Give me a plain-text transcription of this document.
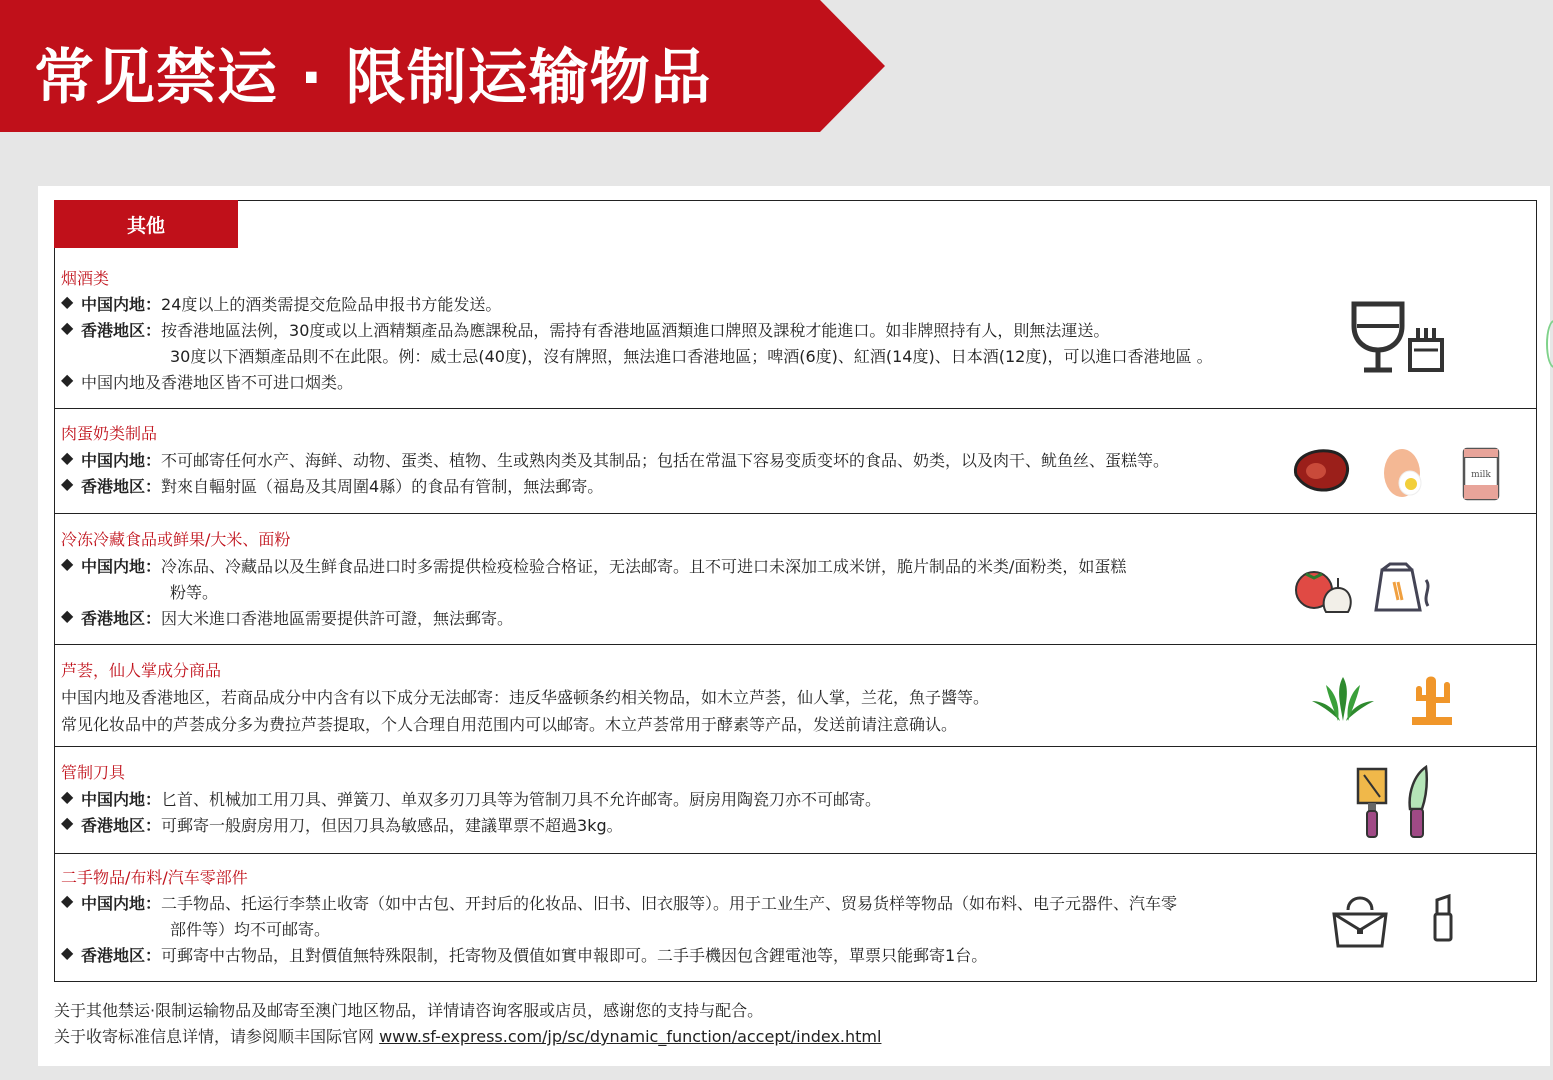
常见禁运 · 限制运输物品
其他
烟酒类
◆ 中国内地： 24度以上的酒类需提交危险品申报书方能发送。
◆ 香港地区： 按香港地區法例，30度或以上酒精類產品為應課稅品，需持有香港地區酒類進口牌照及課稅才能進口。如非牌照持有人，則無法運送。
30度以下酒類產品則不在此限。例：威士忌(40度)，沒有牌照，無法進口香港地區；啤酒(6度)、紅酒(14度)、日本酒(12度)，可以進口香港地區 。
◆ 中国内地及香港地区皆不可进口烟类。
肉蛋奶类制品
◆ 中国内地： 不可邮寄任何水产、海鲜、动物、蛋类、植物、生或熟肉类及其制品；包括在常温下容易变质变坏的食品、奶类，以及肉干、鱿鱼丝、蛋糕等。
◆ 香港地区： 對來自輻射區（福島及其周圍4縣）的食品有管制，無法郵寄。
milk
冷冻冷藏食品或鲜果/大米、面粉
◆ 中国内地： 冷冻品、冷藏品以及生鲜食品进口时多需提供检疫检验合格证，无法邮寄。且不可进口未深加工成米饼，脆片制品的米类/面粉类，如蛋糕
粉等。
◆ 香港地区： 因大米進口香港地區需要提供許可證，無法郵寄。
芦荟，仙人掌成分商品
中国内地及香港地区，若商品成分中内含有以下成分无法邮寄：违反华盛顿条约相关物品，如木立芦荟，仙人掌，兰花，魚子醬等。
常见化妆品中的芦荟成分多为费拉芦荟提取，个人合理自用范围内可以邮寄。木立芦荟常用于酵素等产品，发送前请注意确认。
管制刀具
◆ 中国内地： 匕首、机械加工用刀具、弹簧刀、单双多刃刀具等为管制刀具不允许邮寄。厨房用陶瓷刀亦不可邮寄。
◆ 香港地区： 可郵寄一般廚房用刀，但因刀具為敏感品，建議單票不超過3kg。
二手物品/布料/汽车零部件
◆ 中国内地： 二手物品、托运行李禁止收寄（如中古包、开封后的化妆品、旧书、旧衣服等）。用于工业生产、贸易货样等物品（如布料、电子元器件、汽车零
部件等）均不可邮寄。
◆ 香港地区： 可郵寄中古物品，且對價值無特殊限制，托寄物及價值如實申報即可。二手手機因包含鋰電池等，單票只能郵寄1台。
关于其他禁运·限制运输物品及邮寄至澳门地区物品，详情请咨询客服或店员，感谢您的支持与配合。
关于收寄标准信息详情，请参阅顺丰国际官网 www.sf-express.com/jp/sc/dynamic_function/accept/index.html
